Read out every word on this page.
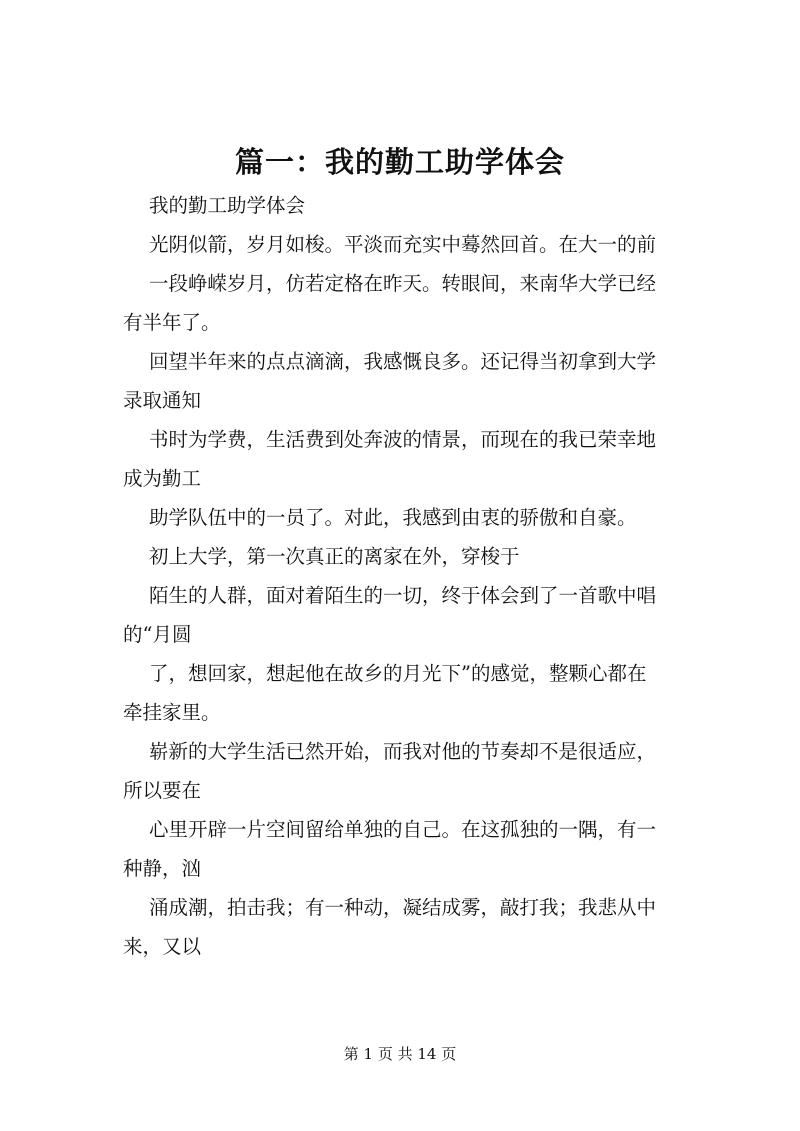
篇一：我的勤工助学体会
我的勤工助学体会
光阴似箭，岁月如梭。平淡而充实中蓦然回首。在大一的前
一段峥嵘岁月，仿若定格在昨天。转眼间，来南华大学已经
有半年了。
回望半年来的点点滴滴，我感慨良多。还记得当初拿到大学
录取通知
书时为学费，生活费到处奔波的情景，而现在的我已荣幸地
成为勤工
助学队伍中的一员了。对此，我感到由衷的骄傲和自豪。
初上大学，第一次真正的离家在外，穿梭于
陌生的人群，面对着陌生的一切，终于体会到了一首歌中唱
的“月圆
了，想回家，想起他在故乡的月光下”的感觉，整颗心都在
牵挂家里。
崭新的大学生活已然开始，而我对他的节奏却不是很适应，
所以要在
心里开辟一片空间留给单独的自己。在这孤独的一隅，有一
种静，汹
涌成潮，拍击我；有一种动，凝结成雾，敲打我；我悲从中
来，又以
第 1 页 共 14 页
